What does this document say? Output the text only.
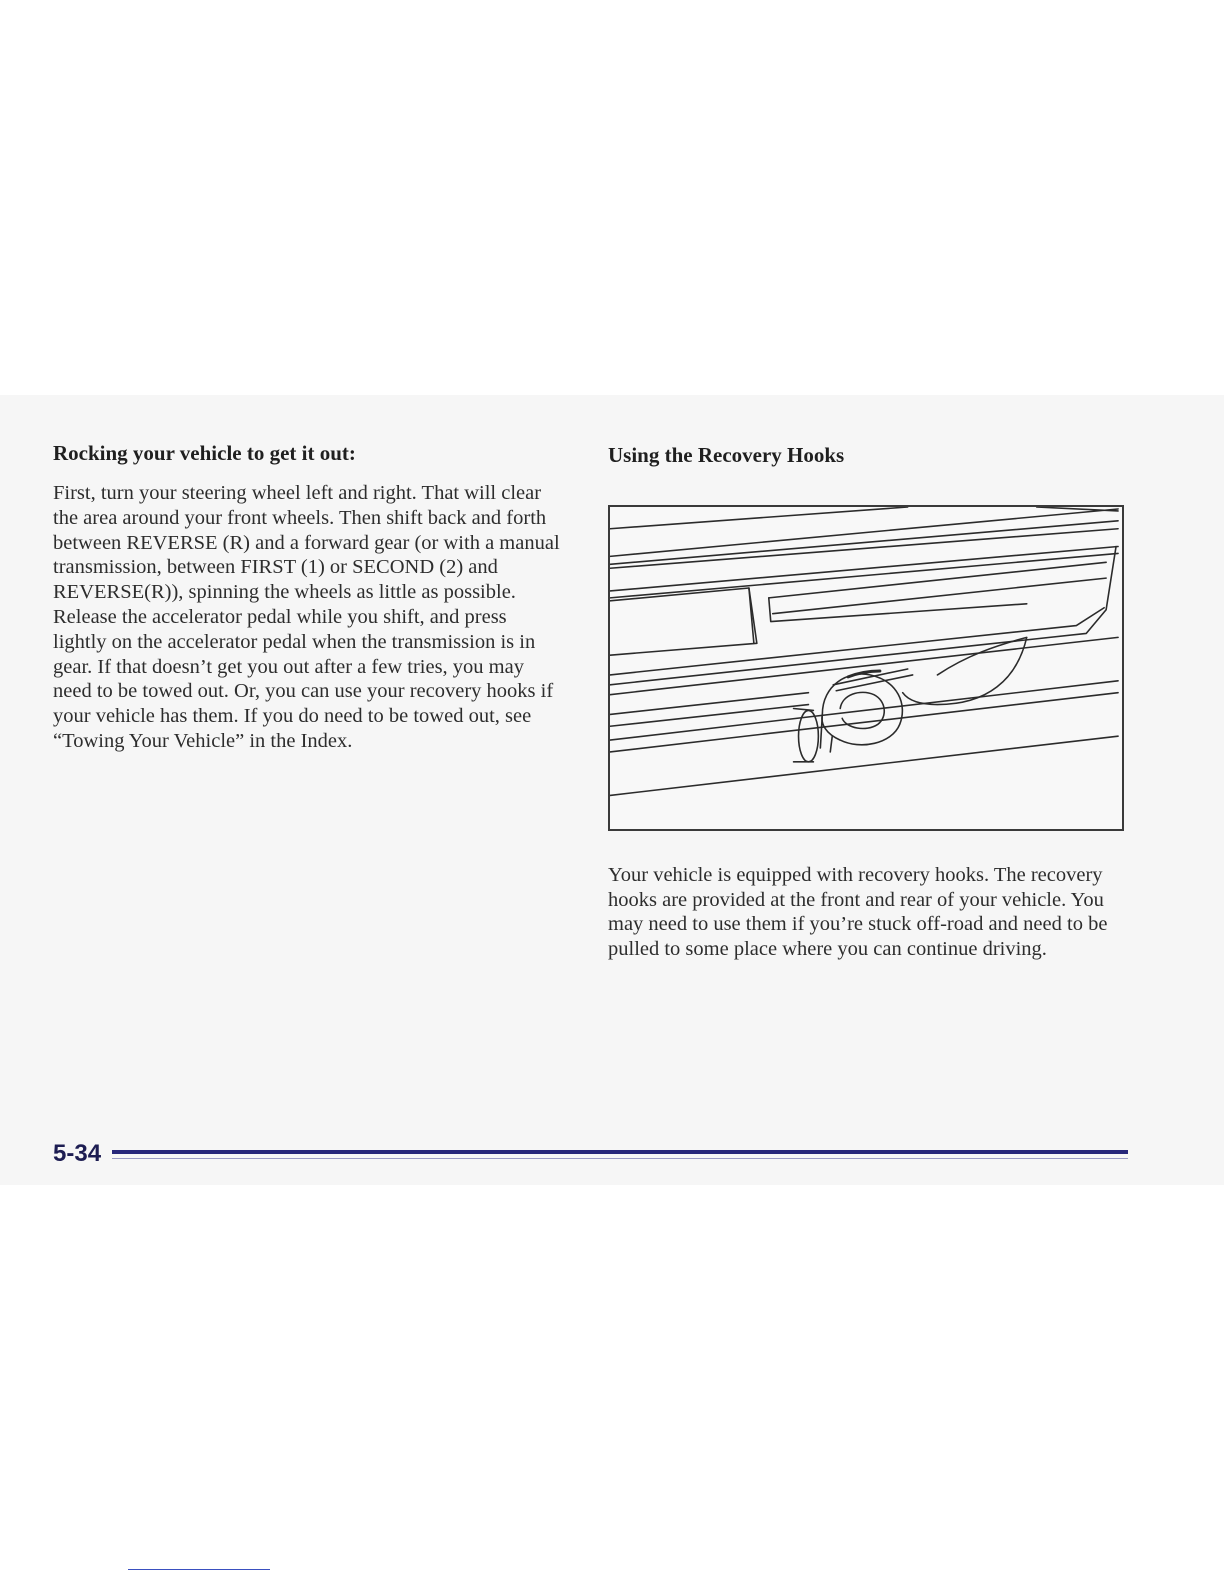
Rocking your vehicle to get it out:

First, turn your steering wheel left and right. That will clear the area around your front wheels. Then shift back and forth between REVERSE (R) and a forward gear (or with a manual transmission, between FIRST (1) or SECOND (2) and REVERSE(R)), spinning the wheels as little as possible. Release the accelerator pedal while you shift, and press lightly on the accelerator pedal when the transmission is in gear. If that doesn’t get you out after a few tries, you may need to be towed out. Or, you can use your recovery hooks if your vehicle has them. If you do need to be towed out, see “Towing Your Vehicle” in the Index.

Using the Recovery Hooks

Your vehicle is equipped with recovery hooks. The recovery hooks are provided at the front and rear of your vehicle. You may need to use them if you’re stuck off-road and need to be pulled to some place where you can continue driving.

5-34
